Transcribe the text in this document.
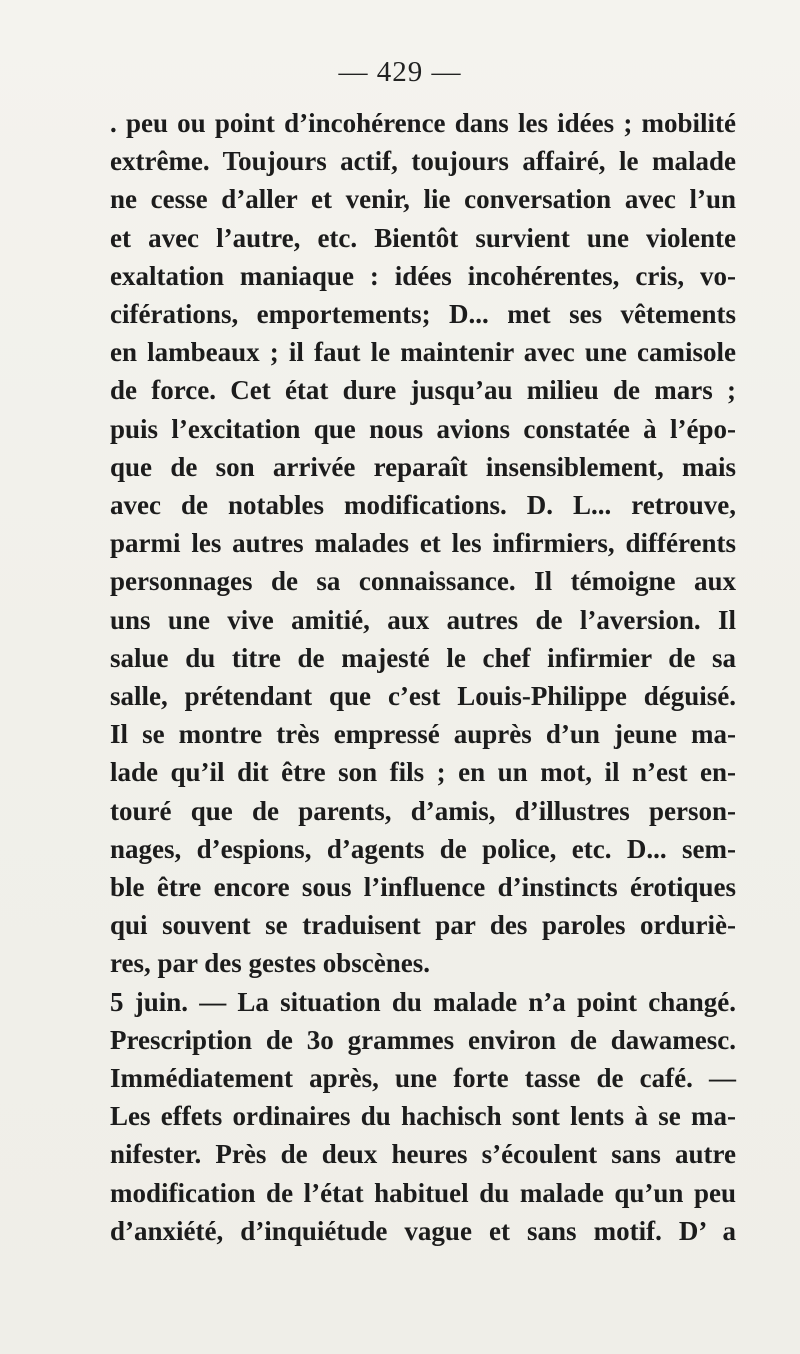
— 429 —
. peu ou point d’incohérence dans les idées ; mobilité
extrême. Toujours actif, toujours affairé, le malade
ne cesse d’aller et venir, lie conversation avec l’un
et avec l’autre, etc. Bientôt survient une violente
exaltation maniaque : idées incohérentes, cris, vo-
ciférations, emportements; D... met ses vêtements
en lambeaux ; il faut le maintenir avec une camisole
de force. Cet état dure jusqu’au milieu de mars ;
puis l’excitation que nous avions constatée à l’épo-
que de son arrivée reparaît insensiblement, mais
avec de notables modifications. D. L... retrouve,
parmi les autres malades et les infirmiers, différents
personnages de sa connaissance. Il témoigne aux
uns une vive amitié, aux autres de l’aversion. Il
salue du titre de majesté le chef infirmier de sa
salle, prétendant que c’est Louis-Philippe déguisé.
Il se montre très empressé auprès d’un jeune ma-
lade qu’il dit être son fils ; en un mot, il n’est en-
touré que de parents, d’amis, d’illustres person-
nages, d’espions, d’agents de police, etc. D... sem-
ble être encore sous l’influence d’instincts érotiques
qui souvent se traduisent par des paroles orduriè-
res, par des gestes obscènes.
5 juin. — La situation du malade n’a point changé.
Prescription de 3o grammes environ de dawamesc.
Immédiatement après, une forte tasse de café. —
Les effets ordinaires du hachisch sont lents à se ma-
nifester. Près de deux heures s’écoulent sans autre
modification de l’état habituel du malade qu’un peu
d’anxiété, d’inquiétude vague et sans motif. D’ a
